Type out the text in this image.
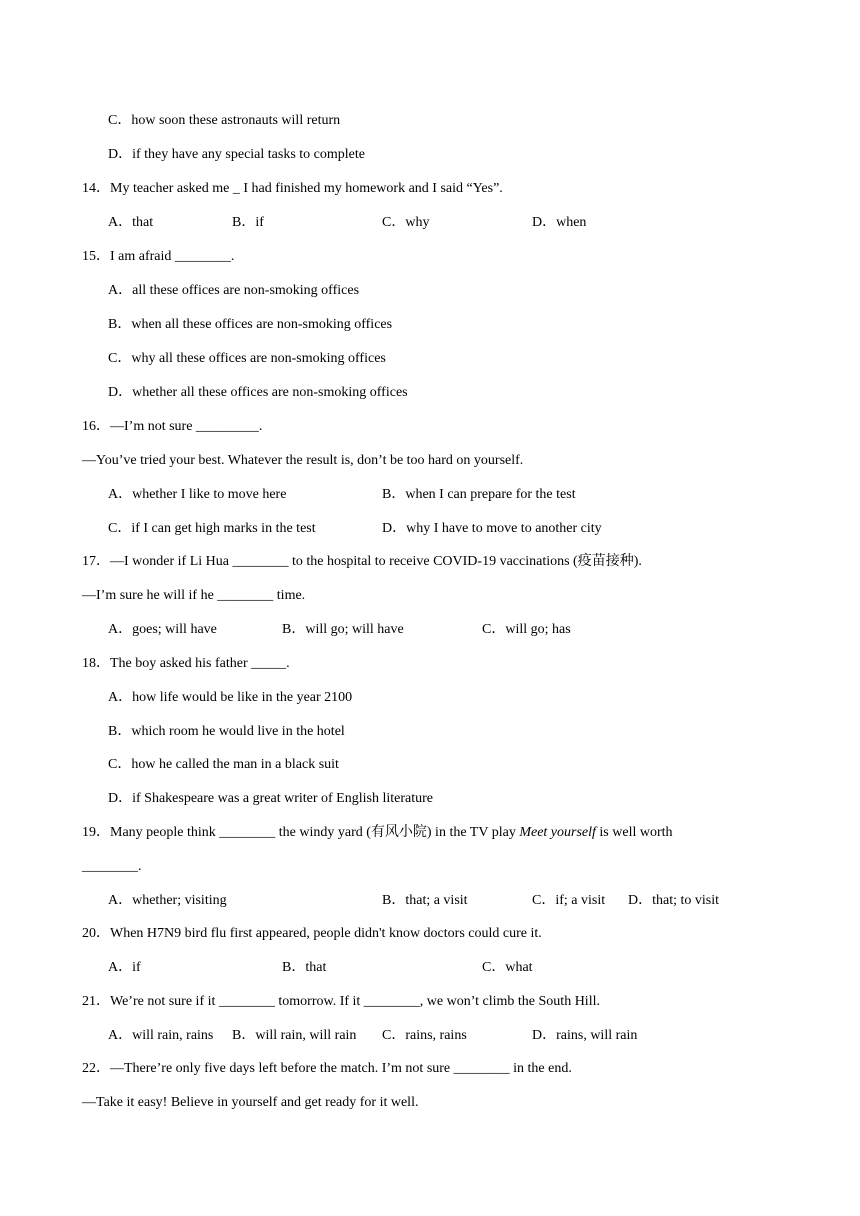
C．how soon these astronauts will return
D．if they have any special tasks to complete
14．My teacher asked me _ I had finished my homework and I said “Yes”.
A．that	B．if	C．why	D．when
15．I am afraid ________.
A．all these offices are non-smoking offices
B．when all these offices are non-smoking offices
C．why all these offices are non-smoking offices
D．whether all these offices are non-smoking offices
16．—I’m not sure _________.
—You’ve tried your best. Whatever the result is, don’t be too hard on yourself.
A．whether I like to move here	B．when I can prepare for the test
C．if I can get high marks in the test	D．why I have to move to another city
17．—I wonder if Li Hua ________ to the hospital to receive COVID-19 vaccinations (疫苗接种).
—I’m sure he will if he ________ time.
A．goes; will have	B．will go; will have	C．will go; has
18．The boy asked his father _____.
A．how life would be like in the year 2100
B．which room he would live in the hotel
C．how he called the man in a black suit
D．if Shakespeare was a great writer of English literature
19．Many people think ________ the windy yard (有风小院) in the TV play Meet yourself is well worth
________.
A．whether; visiting	B．that; a visit	C．if; a visit D．that; to visit
20．When H7N9 bird flu first appeared, people didn't know doctors could cure it.
A．if	B．that	C．what
21．We’re not sure if it ________ tomorrow. If it ________, we won’t climb the South Hill.
A．will rain, rains B．will rain, will rain C．rains, rains	D．rains, will rain
22．—There’re only five days left before the match. I’m not sure ________ in the end.
—Take it easy! Believe in yourself and get ready for it well.
